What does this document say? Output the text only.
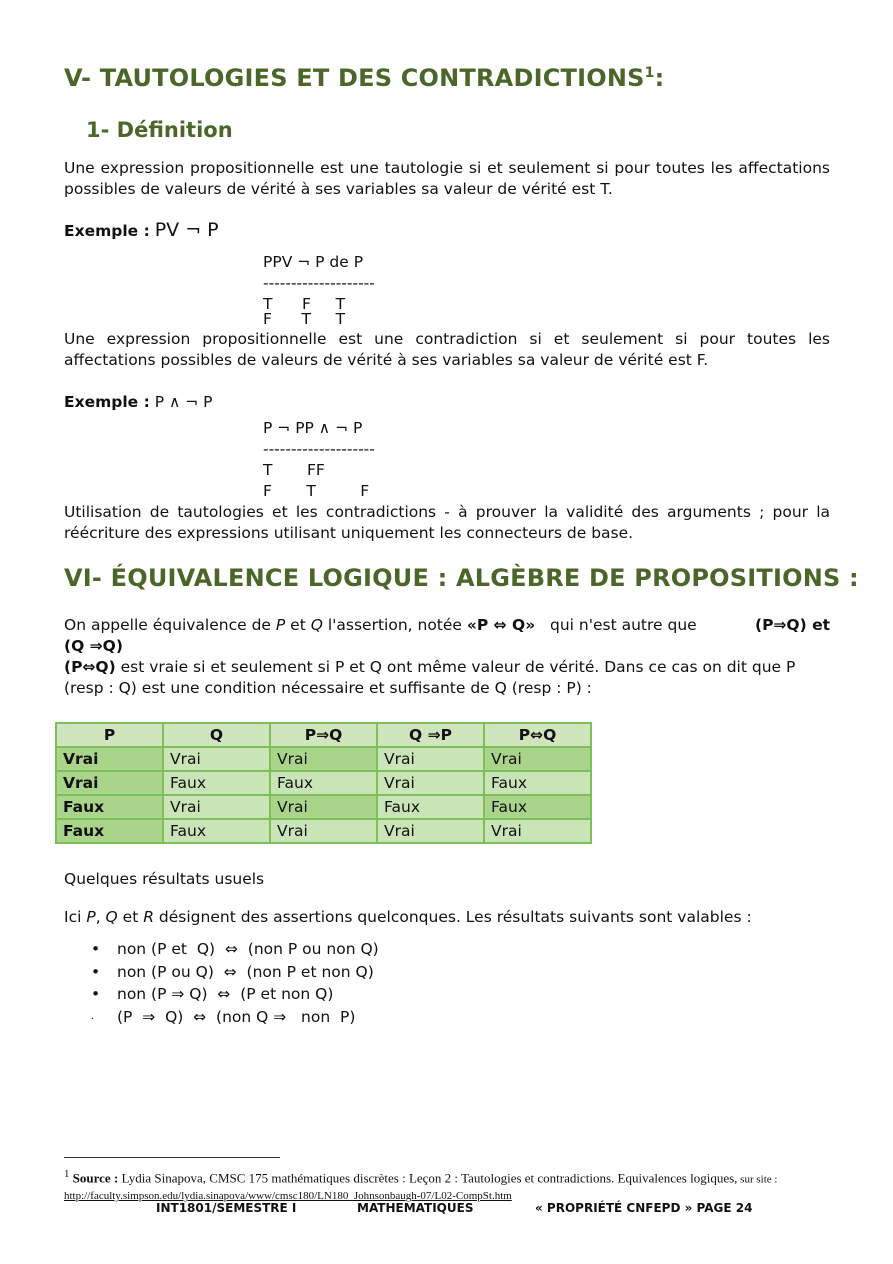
V- TAUTOLOGIES ET DES CONTRADICTIONS$^1$:
1- Définition
Une expression propositionnelle est une tautologie si et seulement si pour toutes les affectations possibles de valeurs de vérité à ses variables sa valeur de vérité est T.
Exemple : PV ¬ P
PPV ¬ P de P
--------------------
T      F     T
F      T     T
Une expression propositionnelle est une contradiction si et seulement si pour toutes les affectations possibles de valeurs de vérité à ses variables sa valeur de vérité est F.
Exemple : P ∧ ¬ P
P ¬ PP ∧ ¬ P
--------------------
T       FF
F       T         F
Utilisation de tautologies et les contradictions - à prouver la validité des arguments ; pour la réécriture des expressions utilisant uniquement les connecteurs de base.
VI- ÉQUIVALENCE LOGIQUE : ALGÈBRE DE PROPOSITIONS :
On appelle équivalence de P et Q l'assertion, notée «P ⇔ Q»   qui n'est autre que	(P⇒Q) et

(Q ⇒Q)
(P⇔Q) est vraie si et seulement si P et Q ont même valeur de vérité. Dans ce cas on dit que P (resp : Q) est une condition nécessaire et suffisante de Q (resp : P) :
P	Q	P⇒Q	Q ⇒P	P⇔Q
Vrai	Vrai	Vrai	Vrai	Vrai
Vrai	Faux	Faux	Vrai	Faux
Faux	Vrai	Vrai	Faux	Faux
Faux	Faux	Vrai	Vrai	Vrai
Quelques résultats usuels
Ici P, Q et R désignent des assertions quelconques. Les résultats suivants sont valables :
• non (P et  Q)  ⇔  (non P ou non Q)
• non (P ou Q)  ⇔  (non P et non Q)
• non (P ⇒ Q)  ⇔  (P et non Q)
. (P  ⇒  Q)  ⇔  (non Q ⇒   non  P)
$^1$ Source : Lydia Sinapova, CMSC 175 mathématiques discrètes : Leçon 2 : Tautologies et contradictions. Equivalences logiques, sur site : http://faculty.simpson.edu/lydia.sinapova/www/cmsc180/LN180_Johnsonbaugh-07/L02-CompSt.htm
INT1801/SEMESTRE I	MATHEMATIQUES	« PROPRIÉTÉ CNFEPD » PAGE 24
